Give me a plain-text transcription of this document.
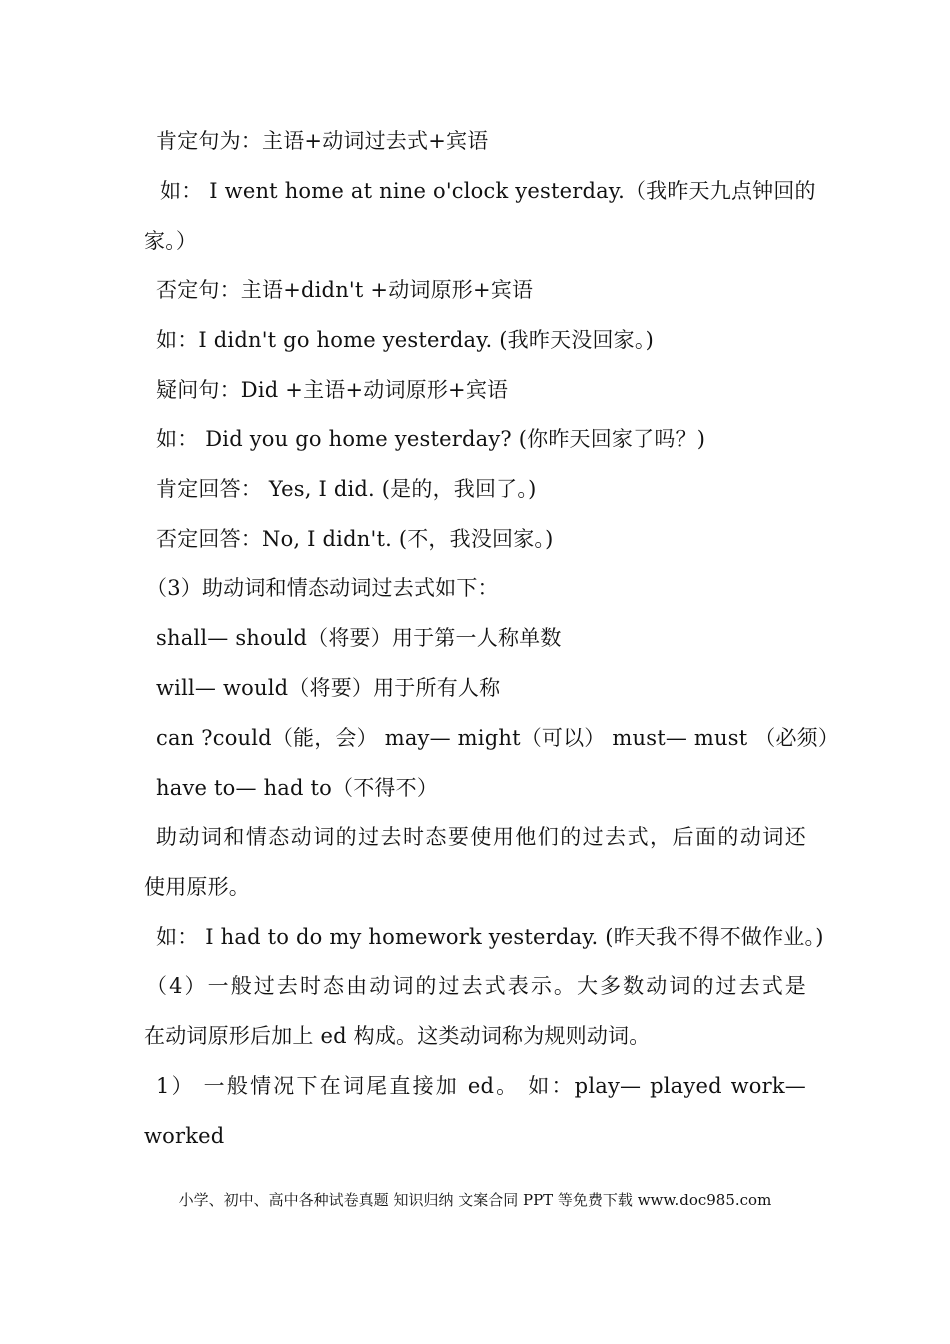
肯定句为：主语+动词过去式+宾语
如： I went home at nine o'clock yesterday.（我昨天九点钟回的
家。）
否定句：主语+didn't +动词原形+宾语
如：I didn't go home yesterday. (我昨天没回家。)
疑问句：Did +主语+动词原形+宾语
如： Did you go home yesterday? (你昨天回家了吗？)
肯定回答： Yes, I did. (是的，我回了。)
否定回答：No, I didn't. (不，我没回家。)
（3）助动词和情态动词过去式如下：
shall— should（将要）用于第一人称单数
will— would（将要）用于所有人称
can ?could（能，会） may— might（可以） must— must （必须）
have to— had to（不得不）
助动词和情态动词的过去时态要使用他们的过去式，后面的动词还
使用原形。
如： I had to do my homework yesterday. (昨天我不得不做作业。)
（4）一般过去时态由动词的过去式表示。大多数动词的过去式是
在动词原形后加上 ed 构成。这类动词称为规则动词。
1） 一般情况下在词尾直接加 ed。 如：play— played work—
worked
小学、初中、高中各种试卷真题 知识归纳 文案合同 PPT 等免费下载 www.doc985.com
